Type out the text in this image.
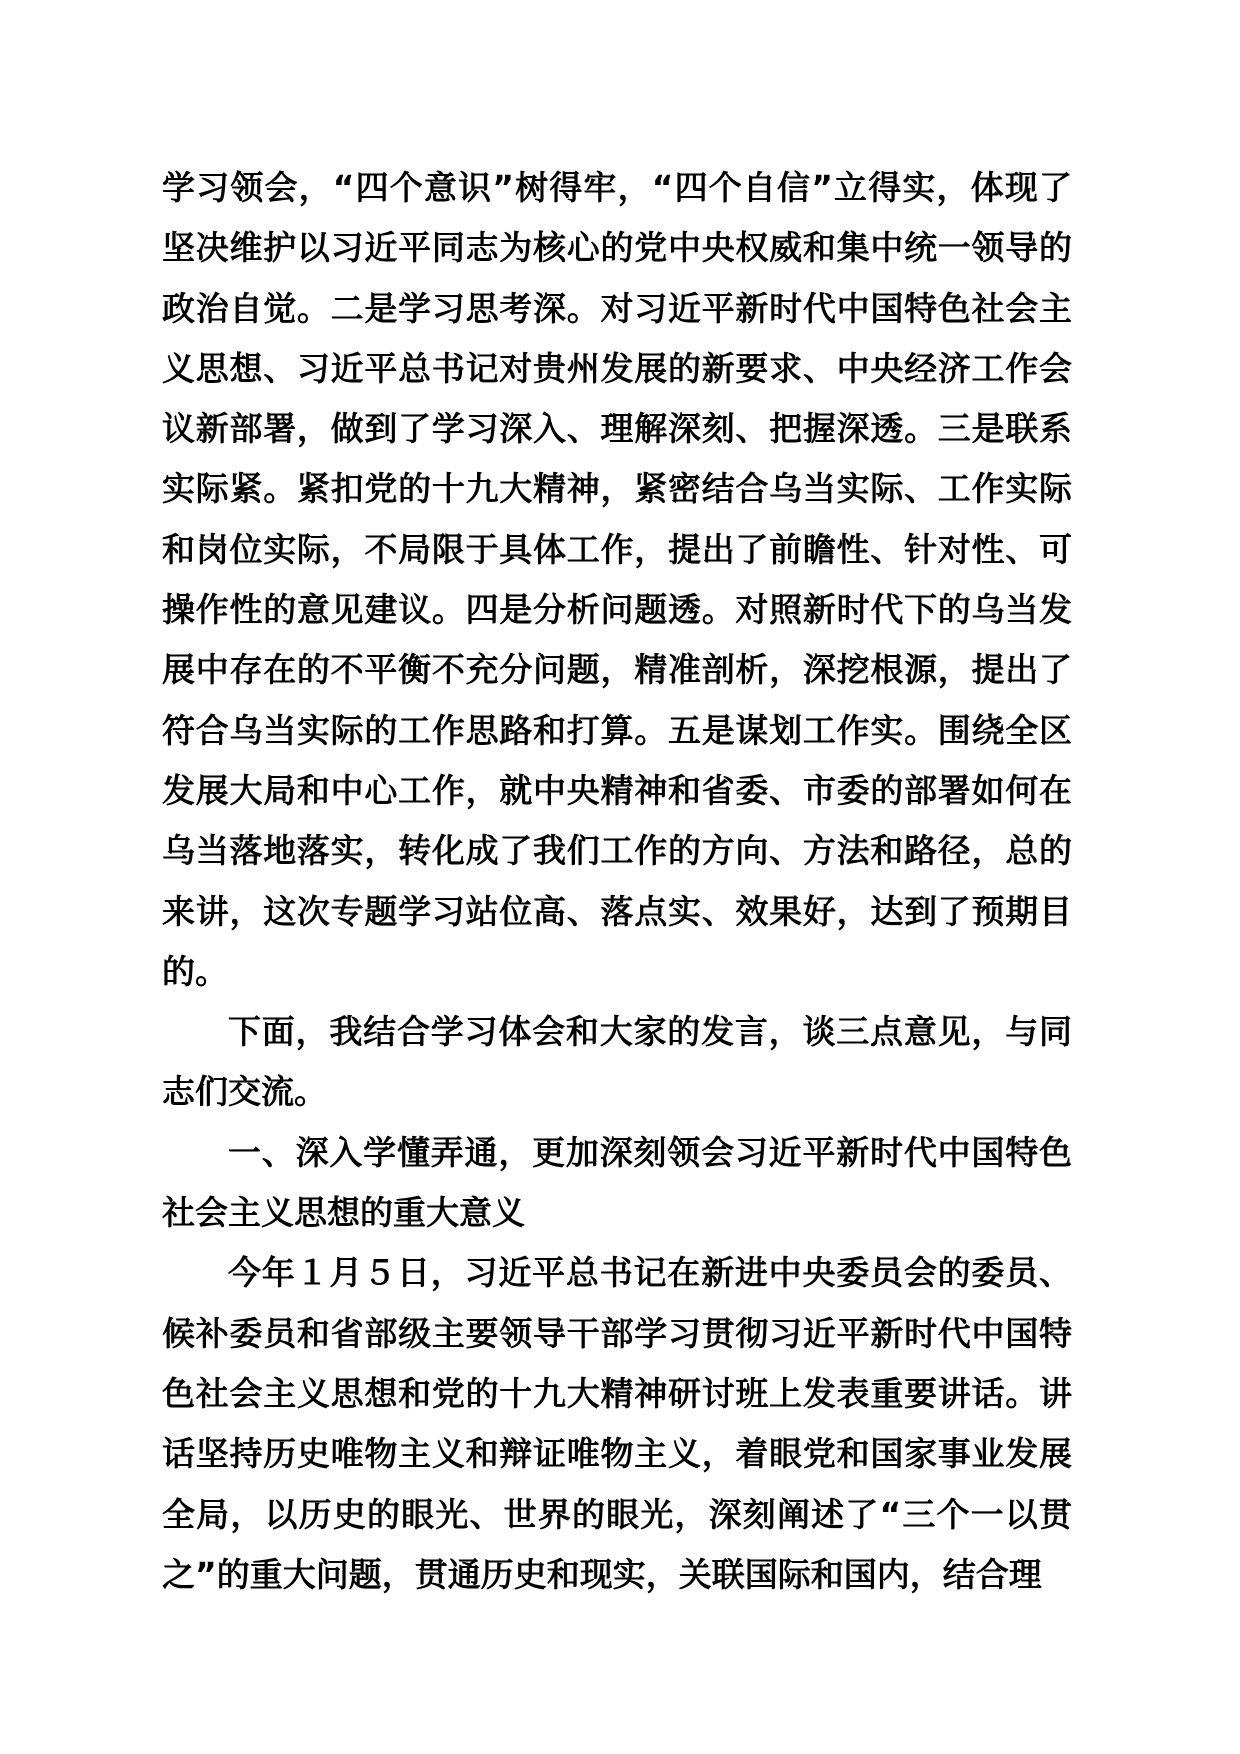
学习领会，“四个意识”树得牢，“四个自信”立得实，体现了坚决维护以习近平同志为核心的党中央权威和集中统一领导的政治自觉。二是学习思考深。对习近平新时代中国特色社会主义思想、习近平总书记对贵州发展的新要求、中央经济工作会议新部署，做到了学习深入、理解深刻、把握深透。三是联系实际紧。紧扣党的十九大精神，紧密结合乌当实际、工作实际和岗位实际，不局限于具体工作，提出了前瞻性、针对性、可操作性的意见建议。四是分析问题透。对照新时代下的乌当发展中存在的不平衡不充分问题，精准剖析，深挖根源，提出了符合乌当实际的工作思路和打算。五是谋划工作实。围绕全区发展大局和中心工作，就中央精神和省委、市委的部署如何在乌当落地落实，转化成了我们工作的方向、方法和路径，总的来讲，这次专题学习站位高、落点实、效果好，达到了预期目的。

下面，我结合学习体会和大家的发言，谈三点意见，与同志们交流。

一、深入学懂弄通，更加深刻领会习近平新时代中国特色社会主义思想的重大意义

今年１月５日，习近平总书记在新进中央委员会的委员、候补委员和省部级主要领导干部学习贯彻习近平新时代中国特色社会主义思想和党的十九大精神研讨班上发表重要讲话。讲话坚持历史唯物主义和辩证唯物主义，着眼党和国家事业发展全局，以历史的眼光、世界的眼光，深刻阐述了“三个一以贯之”的重大问题，贯通历史和现实，关联国际和国内，结合理
